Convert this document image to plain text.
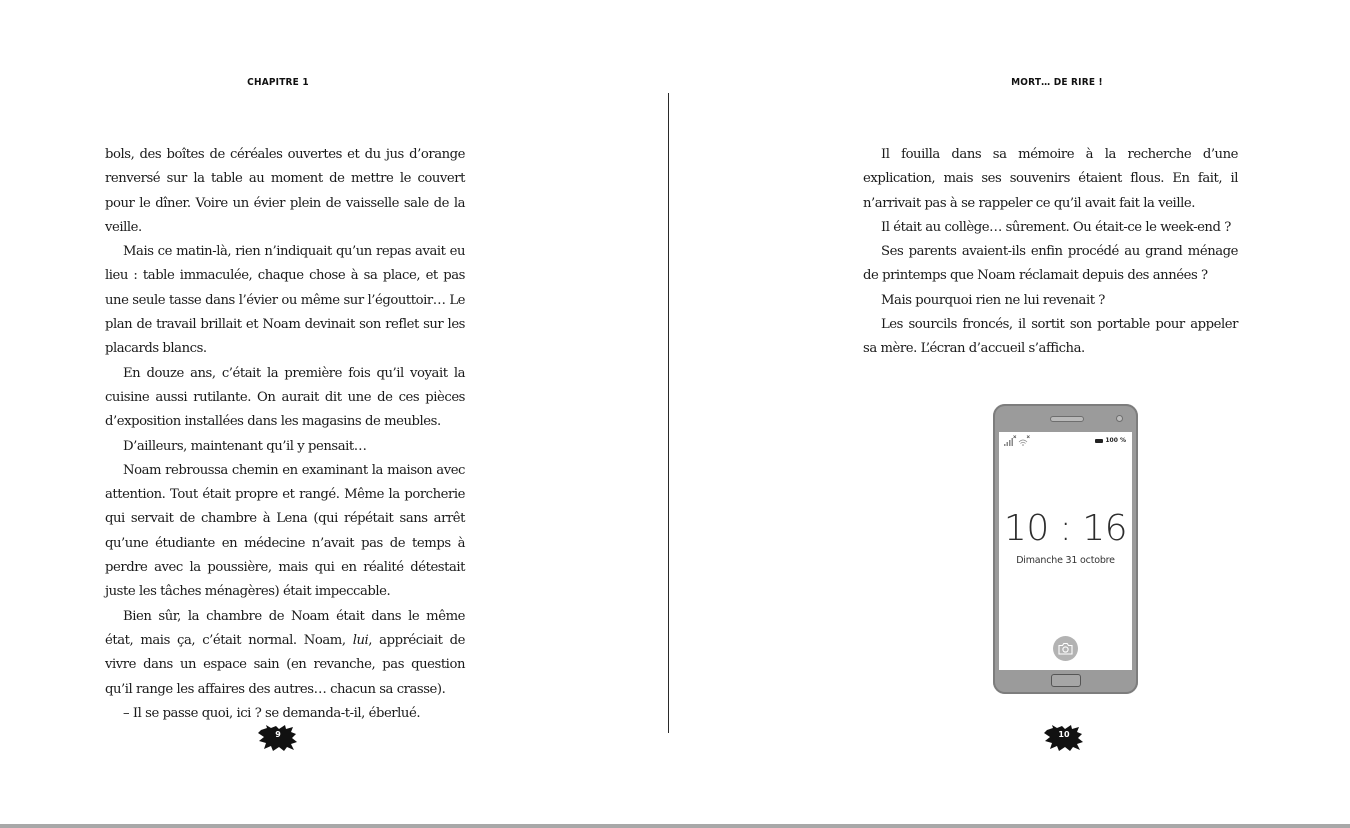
CHAPITRE 1

bols, des boîtes de céréales ouvertes et du jus d’orange renversé sur la table au moment de mettre le couvert pour le dîner. Voire un évier plein de vaisselle sale de la veille.

Mais ce matin-là, rien n’indiquait qu’un repas avait eu lieu : table immaculée, chaque chose à sa place, et pas une seule tasse dans l’évier ou même sur l’égouttoir… Le plan de travail brillait et Noam devinait son reflet sur les placards blancs.

En douze ans, c’était la première fois qu’il voyait la cuisine aussi rutilante. On aurait dit une de ces pièces d’exposition installées dans les magasins de meubles.

D’ailleurs, maintenant qu’il y pensait…

Noam rebroussa chemin en examinant la maison avec attention. Tout était propre et rangé. Même la porcherie qui servait de chambre à Lena (qui répétait sans arrêt qu’une étudiante en médecine n’avait pas de temps à perdre avec la poussière, mais qui en réalité détestait juste les tâches ménagères) était impeccable.

Bien sûr, la chambre de Noam était dans le même état, mais ça, c’était normal. Noam, lui, appréciait de vivre dans un espace sain (en revanche, pas question qu’il range les affaires des autres… chacun sa crasse).

– Il se passe quoi, ici ? se demanda-t-il, éberlué.

9
MORT… DE RIRE !

Il fouilla dans sa mémoire à la recherche d’une explication, mais ses souvenirs étaient flous. En fait, il n’arrivait pas à se rappeler ce qu’il avait fait la veille.

Il était au collège… sûrement. Ou était-ce le week-end ?

Ses parents avaient-ils enfin procédé au grand ménage de printemps que Noam réclamait depuis des années ?

Mais pourquoi rien ne lui revenait ?

Les sourcils froncés, il sortit son portable pour appeler sa mère. L’écran d’accueil s’afficha.

100 %
10 : 16
Dimanche 31 octobre
10
